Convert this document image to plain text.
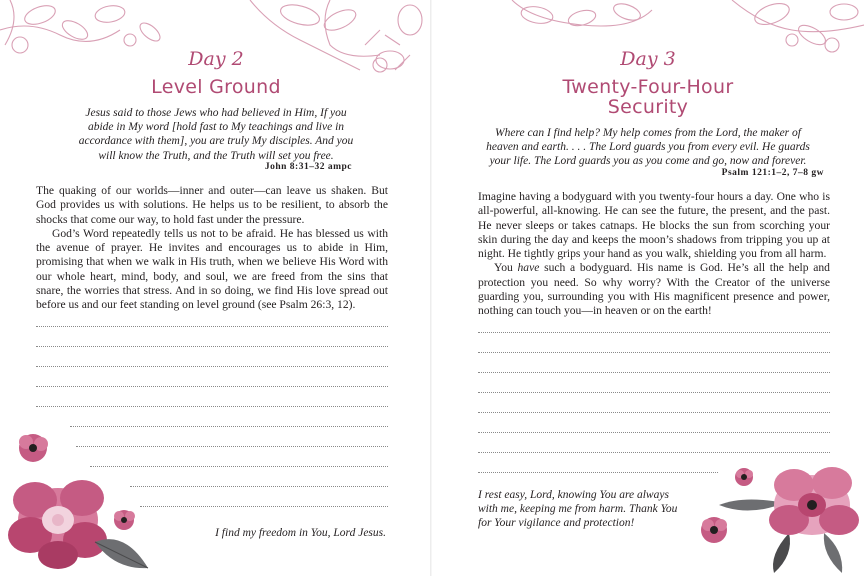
Day 2
Level Ground
Jesus said to those Jews who had believed in Him, If you
abide in My word [hold fast to My teachings and live in
accordance with them], you are truly My disciples. And you
will know the Truth, and the Truth will set you free.
John 8:31–32 ampc

The quaking of our worlds—inner and outer—can leave us shaken. But God provides us with solutions. He helps us to be resilient, to absorb the shocks that come our way, to hold fast under the pressure.

God’s Word repeatedly tells us not to be afraid. He has blessed us with the avenue of prayer. He invites and encourages us to abide in Him, promising that when we walk in His truth, when we believe His Word with our whole heart, mind, body, and soul, we are freed from the sins that snare, the worries that stress. And in so doing, we find His love spread out before us and our feet standing on level ground (see Psalm 26:3, 12).

I find my freedom in You, Lord Jesus.
Day 3
Twenty-Four-Hour
Security
Where can I find help? My help comes from the Lord, the maker of
heaven and earth. . . . The Lord guards you from every evil. He guards
your life. The Lord guards you as you come and go, now and forever.
Psalm 121:1–2, 7–8 gw

Imagine having a bodyguard with you twenty-four hours a day. One who is all-powerful, all-knowing. He can see the future, the present, and the past. He never sleeps or takes catnaps. He blocks the sun from scorching your skin during the day and keeps the moon’s shadows from tripping you up at night. He tightly grips your hand as you walk, shielding you from all harm.

You have such a bodyguard. His name is God. He’s all the help and protection you need. So why worry? With the Creator of the universe guarding you, surrounding you with His magnificent presence and power, nothing can touch you—in heaven or on the earth!

I rest easy, Lord, knowing You are always
with me, keeping me from harm. Thank You
for Your vigilance and protection!
